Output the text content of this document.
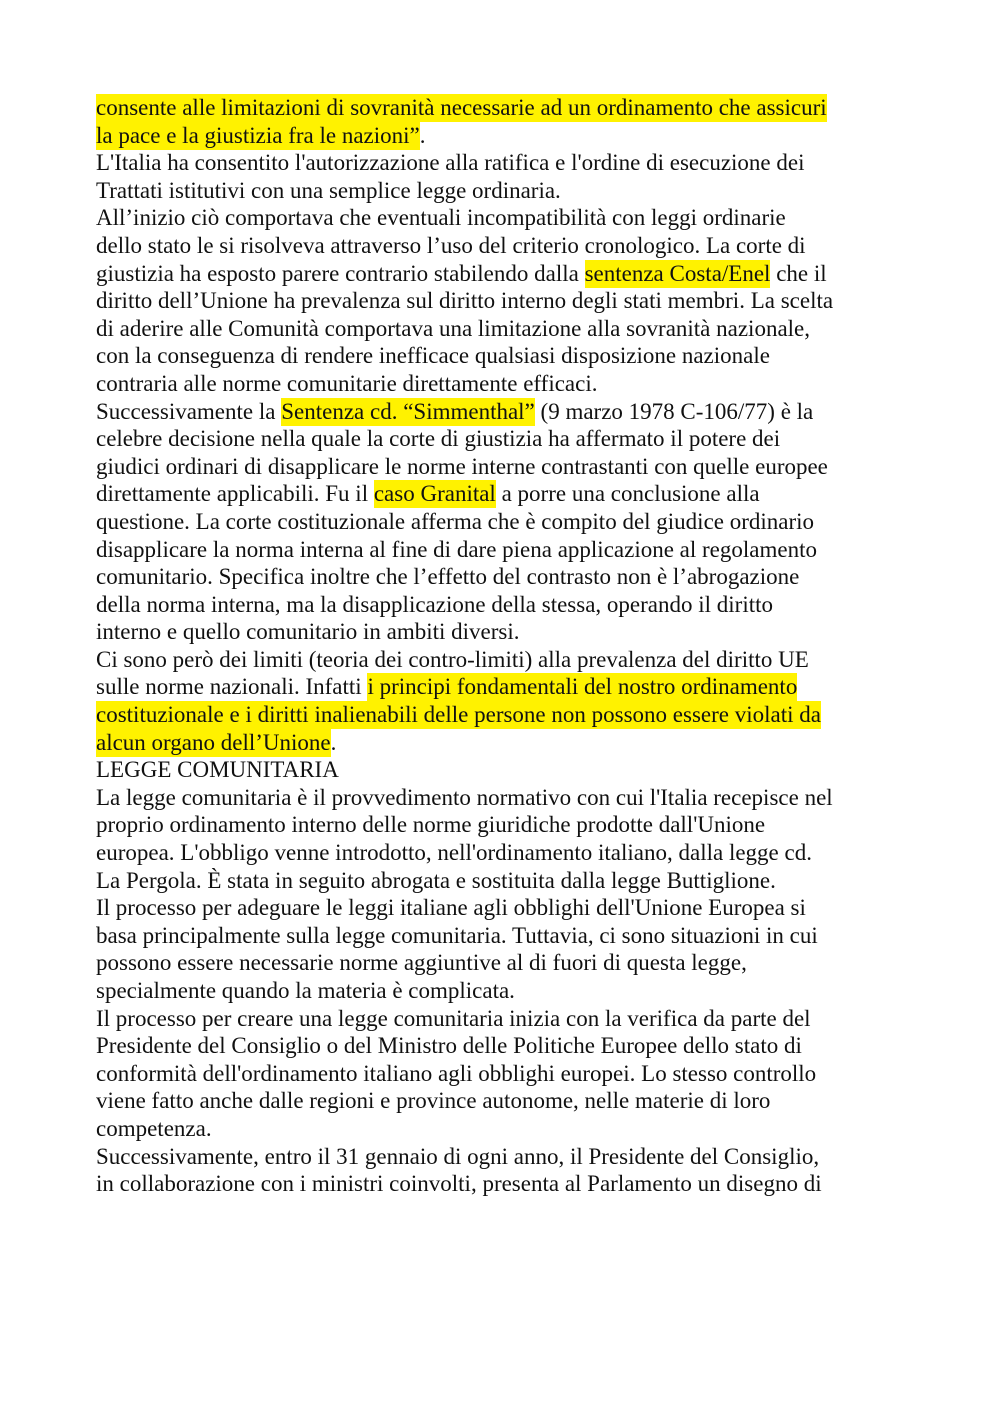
consente alle limitazioni di sovranità necessarie ad un ordinamento che assicuri
la pace e la giustizia fra le nazioni”.
L'Italia ha consentito l'autorizzazione alla ratifica e l'ordine di esecuzione dei
Trattati istitutivi con una semplice legge ordinaria.
All’inizio ciò comportava che eventuali incompatibilità con leggi ordinarie
dello stato le si risolveva attraverso l’uso del criterio cronologico. La corte di
giustizia ha esposto parere contrario stabilendo dalla sentenza Costa/Enel che il
diritto dell’Unione ha prevalenza sul diritto interno degli stati membri. La scelta
di aderire alle Comunità comportava una limitazione alla sovranità nazionale,
con la conseguenza di rendere inefficace qualsiasi disposizione nazionale
contraria alle norme comunitarie direttamente efficaci.
Successivamente la Sentenza cd. “Simmenthal” (9 marzo 1978 C-106/77) è la
celebre decisione nella quale la corte di giustizia ha affermato il potere dei
giudici ordinari di disapplicare le norme interne contrastanti con quelle europee
direttamente applicabili. Fu il caso Granital a porre una conclusione alla
questione. La corte costituzionale afferma che è compito del giudice ordinario
disapplicare la norma interna al fine di dare piena applicazione al regolamento
comunitario. Specifica inoltre che l’effetto del contrasto non è l’abrogazione
della norma interna, ma la disapplicazione della stessa, operando il diritto
interno e quello comunitario in ambiti diversi.
Ci sono però dei limiti (teoria dei contro-limiti) alla prevalenza del diritto UE
sulle norme nazionali. Infatti i principi fondamentali del nostro ordinamento
costituzionale e i diritti inalienabili delle persone non possono essere violati da
alcun organo dell’Unione.
LEGGE COMUNITARIA
La legge comunitaria è il provvedimento normativo con cui l'Italia recepisce nel
proprio ordinamento interno delle norme giuridiche prodotte dall'Unione
europea. L'obbligo venne introdotto, nell'ordinamento italiano, dalla legge cd.
La Pergola. È stata in seguito abrogata e sostituita dalla legge Buttiglione.
Il processo per adeguare le leggi italiane agli obblighi dell'Unione Europea si
basa principalmente sulla legge comunitaria. Tuttavia, ci sono situazioni in cui
possono essere necessarie norme aggiuntive al di fuori di questa legge,
specialmente quando la materia è complicata.
Il processo per creare una legge comunitaria inizia con la verifica da parte del
Presidente del Consiglio o del Ministro delle Politiche Europee dello stato di
conformità dell'ordinamento italiano agli obblighi europei. Lo stesso controllo
viene fatto anche dalle regioni e province autonome, nelle materie di loro
competenza.
Successivamente, entro il 31 gennaio di ogni anno, il Presidente del Consiglio,
in collaborazione con i ministri coinvolti, presenta al Parlamento un disegno di
